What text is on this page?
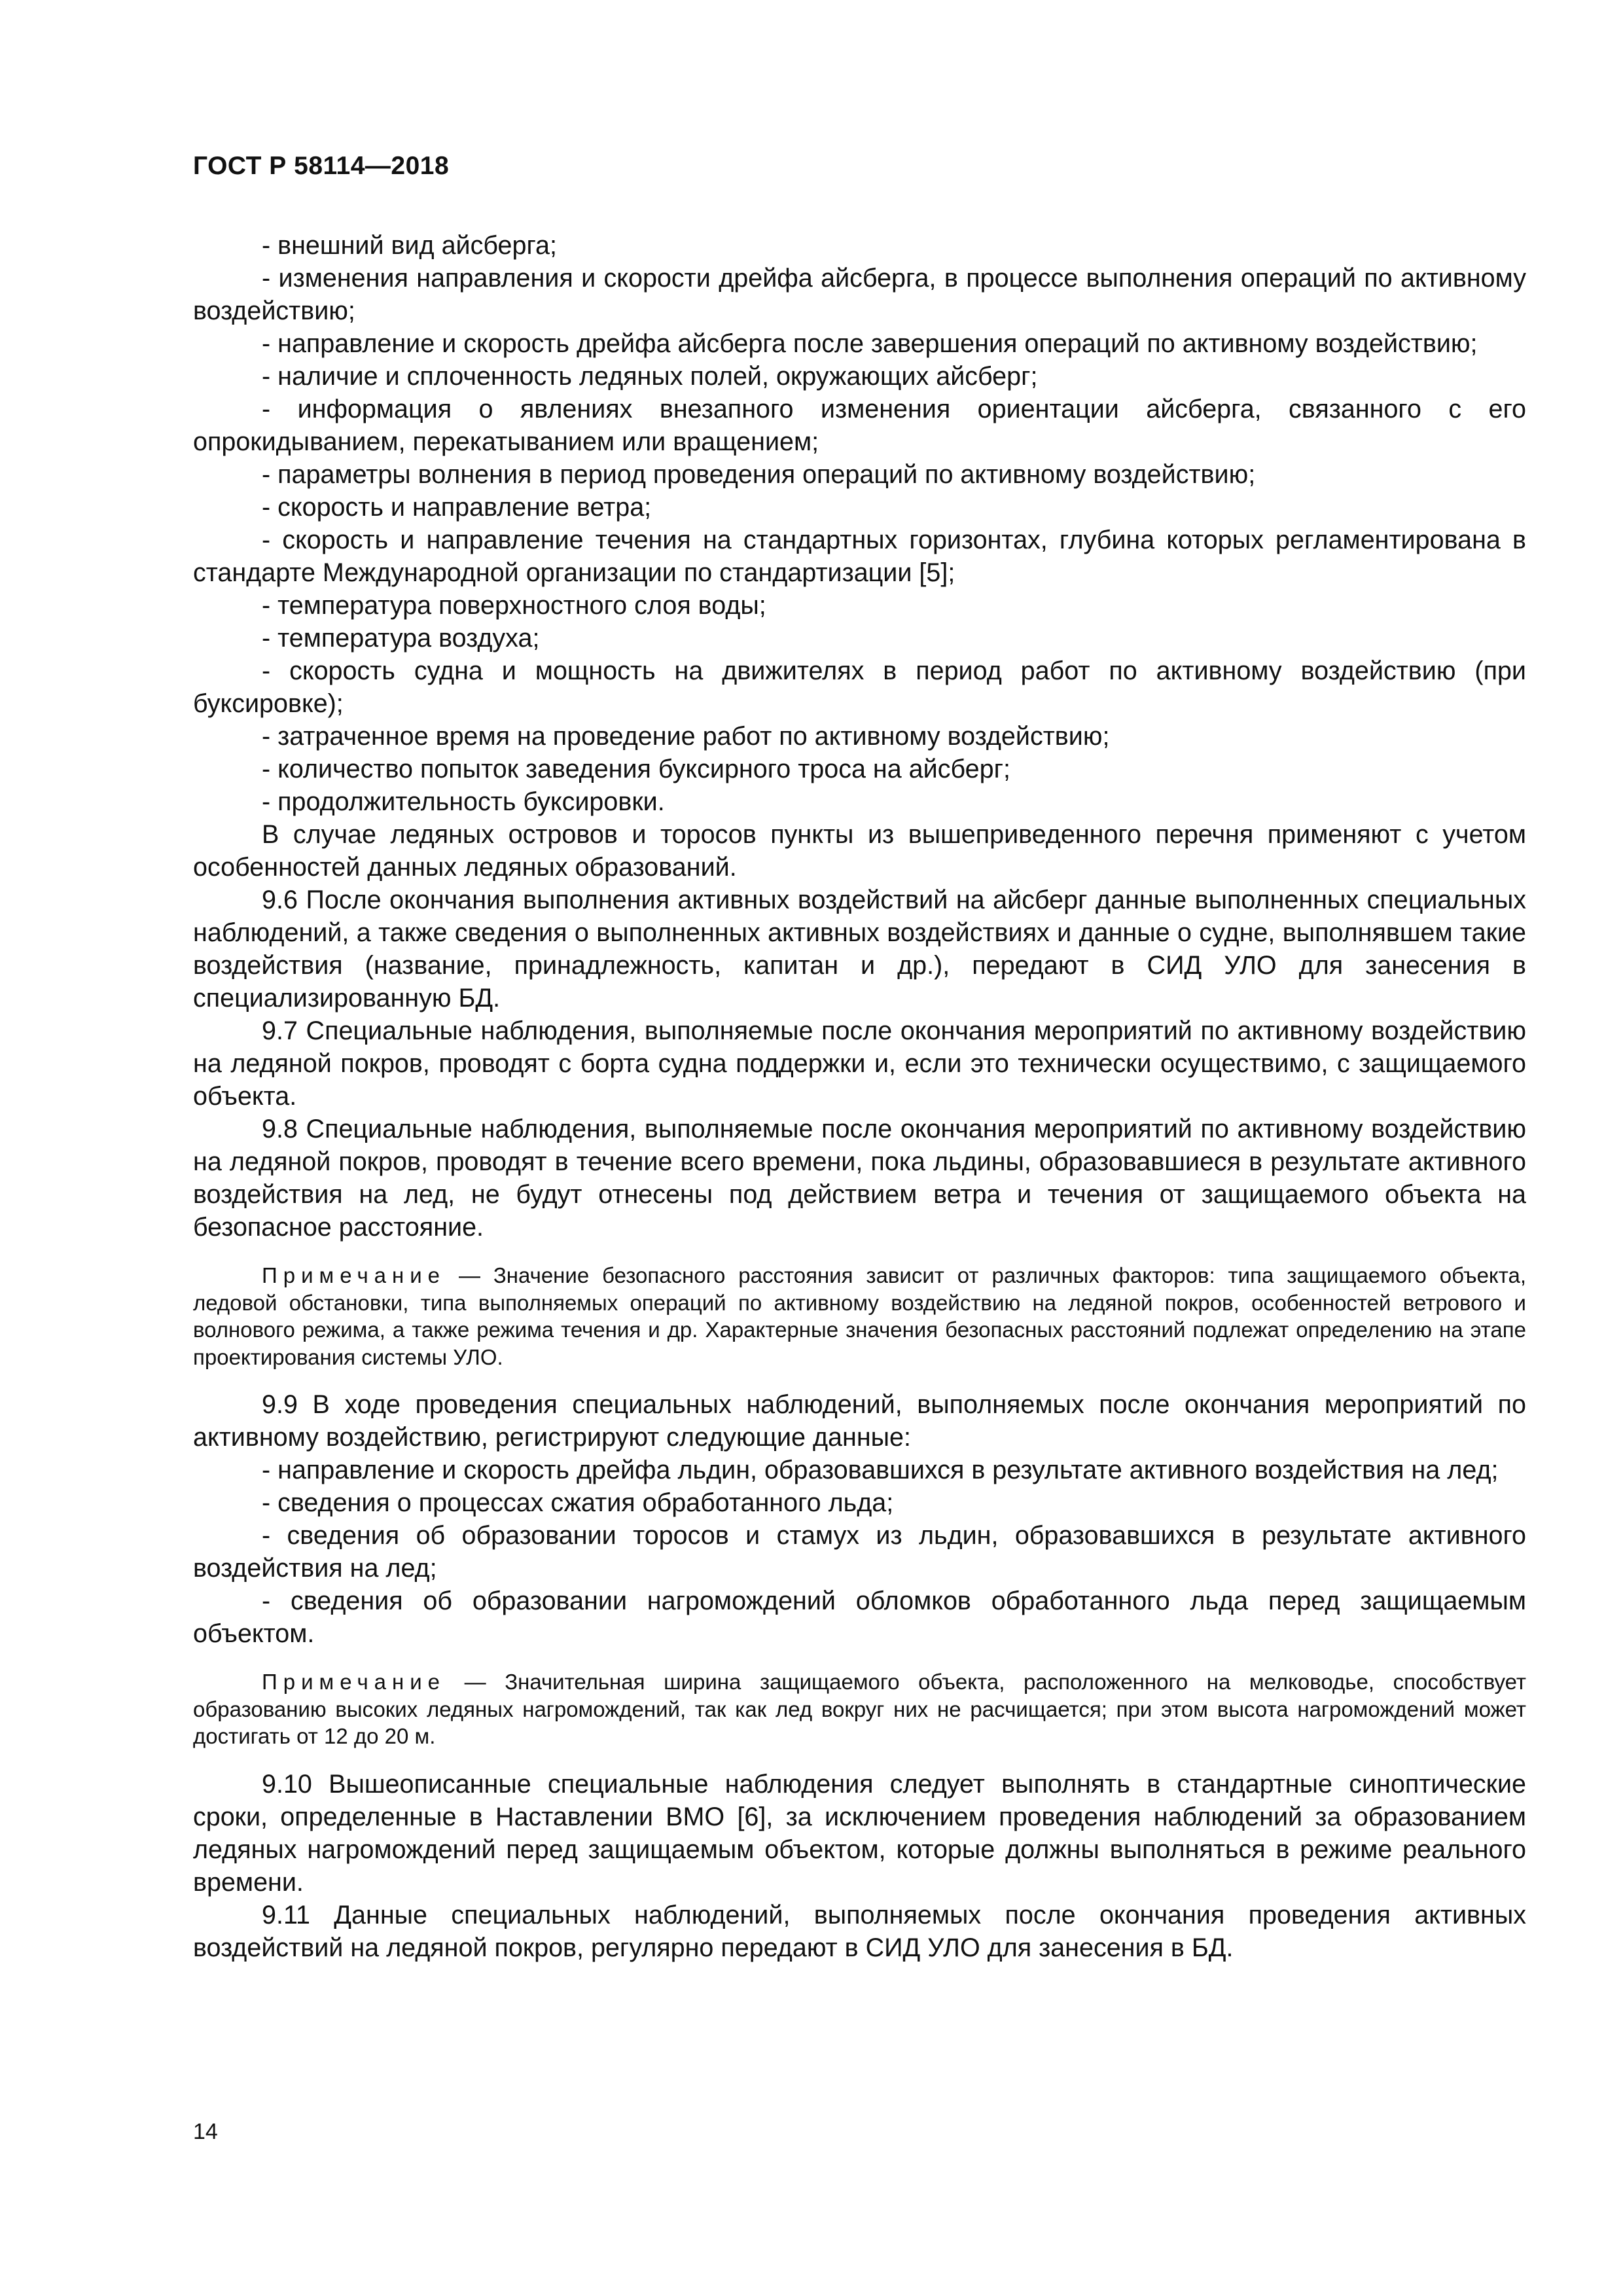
ГОСТ Р 58114—2018

- внешний вид айсберга;

- изменения направления и скорости дрейфа айсберга, в процессе выполнения операций по активному воздействию;

- направление и скорость дрейфа айсберга после завершения операций по активному воздействию;

- наличие и сплоченность ледяных полей, окружающих айсберг;

- информация о явлениях внезапного изменения ориентации айсберга, связанного с его опрокидыванием, перекатыванием или вращением;

- параметры волнения в период проведения операций по активному воздействию;

- скорость и направление ветра;

- скорость и направление течения на стандартных горизонтах, глубина которых регламентирована в стандарте Международной организации по стандартизации [5];

- температура поверхностного слоя воды;

- температура воздуха;

- скорость судна и мощность на движителях в период работ по активному воздействию (при буксировке);

- затраченное время на проведение работ по активному воздействию;

- количество попыток заведения буксирного троса на айсберг;

- продолжительность буксировки.

В случае ледяных островов и торосов пункты из вышеприведенного перечня применяют с учетом особенностей данных ледяных образований.

9.6 После окончания выполнения активных воздействий на айсберг данные выполненных специальных наблюдений, а также сведения о выполненных активных воздействиях и данные о судне, выполнявшем такие воздействия (название, принадлежность, капитан и др.), передают в СИД УЛО для занесения в специализированную БД.

9.7 Специальные наблюдения, выполняемые после окончания мероприятий по активному воздействию на ледяной покров, проводят с борта судна поддержки и, если это технически осуществимо, с защищаемого объекта.

9.8 Специальные наблюдения, выполняемые после окончания мероприятий по активному воздействию на ледяной покров, проводят в течение всего времени, пока льдины, образовавшиеся в результате активного воздействия на лед, не будут отнесены под действием ветра и течения от защищаемого объекта на безопасное расстояние.

Примечание — Значение безопасного расстояния зависит от различных факторов: типа защищаемого объекта, ледовой обстановки, типа выполняемых операций по активному воздействию на ледяной покров, особенностей ветрового и волнового режима, а также режима течения и др. Характерные значения безопасных расстояний подлежат определению на этапе проектирования системы УЛО.

9.9 В ходе проведения специальных наблюдений, выполняемых после окончания мероприятий по активному воздействию, регистрируют следующие данные:

- направление и скорость дрейфа льдин, образовавшихся в результате активного воздействия на лед;

- сведения о процессах сжатия обработанного льда;

- сведения об образовании торосов и стамух из льдин, образовавшихся в результате активного воздействия на лед;

- сведения об образовании нагромождений обломков обработанного льда перед защищаемым объектом.

Примечание — Значительная ширина защищаемого объекта, расположенного на мелководье, способствует образованию высоких ледяных нагромождений, так как лед вокруг них не расчищается; при этом высота нагромождений может достигать от 12 до 20 м.

9.10 Вышеописанные специальные наблюдения следует выполнять в стандартные синоптические сроки, определенные в Наставлении ВМО [6], за исключением проведения наблюдений за образованием ледяных нагромождений перед защищаемым объектом, которые должны выполняться в режиме реального времени.

9.11 Данные специальных наблюдений, выполняемых после окончания проведения активных воздействий на ледяной покров, регулярно передают в СИД УЛО для занесения в БД.

14
